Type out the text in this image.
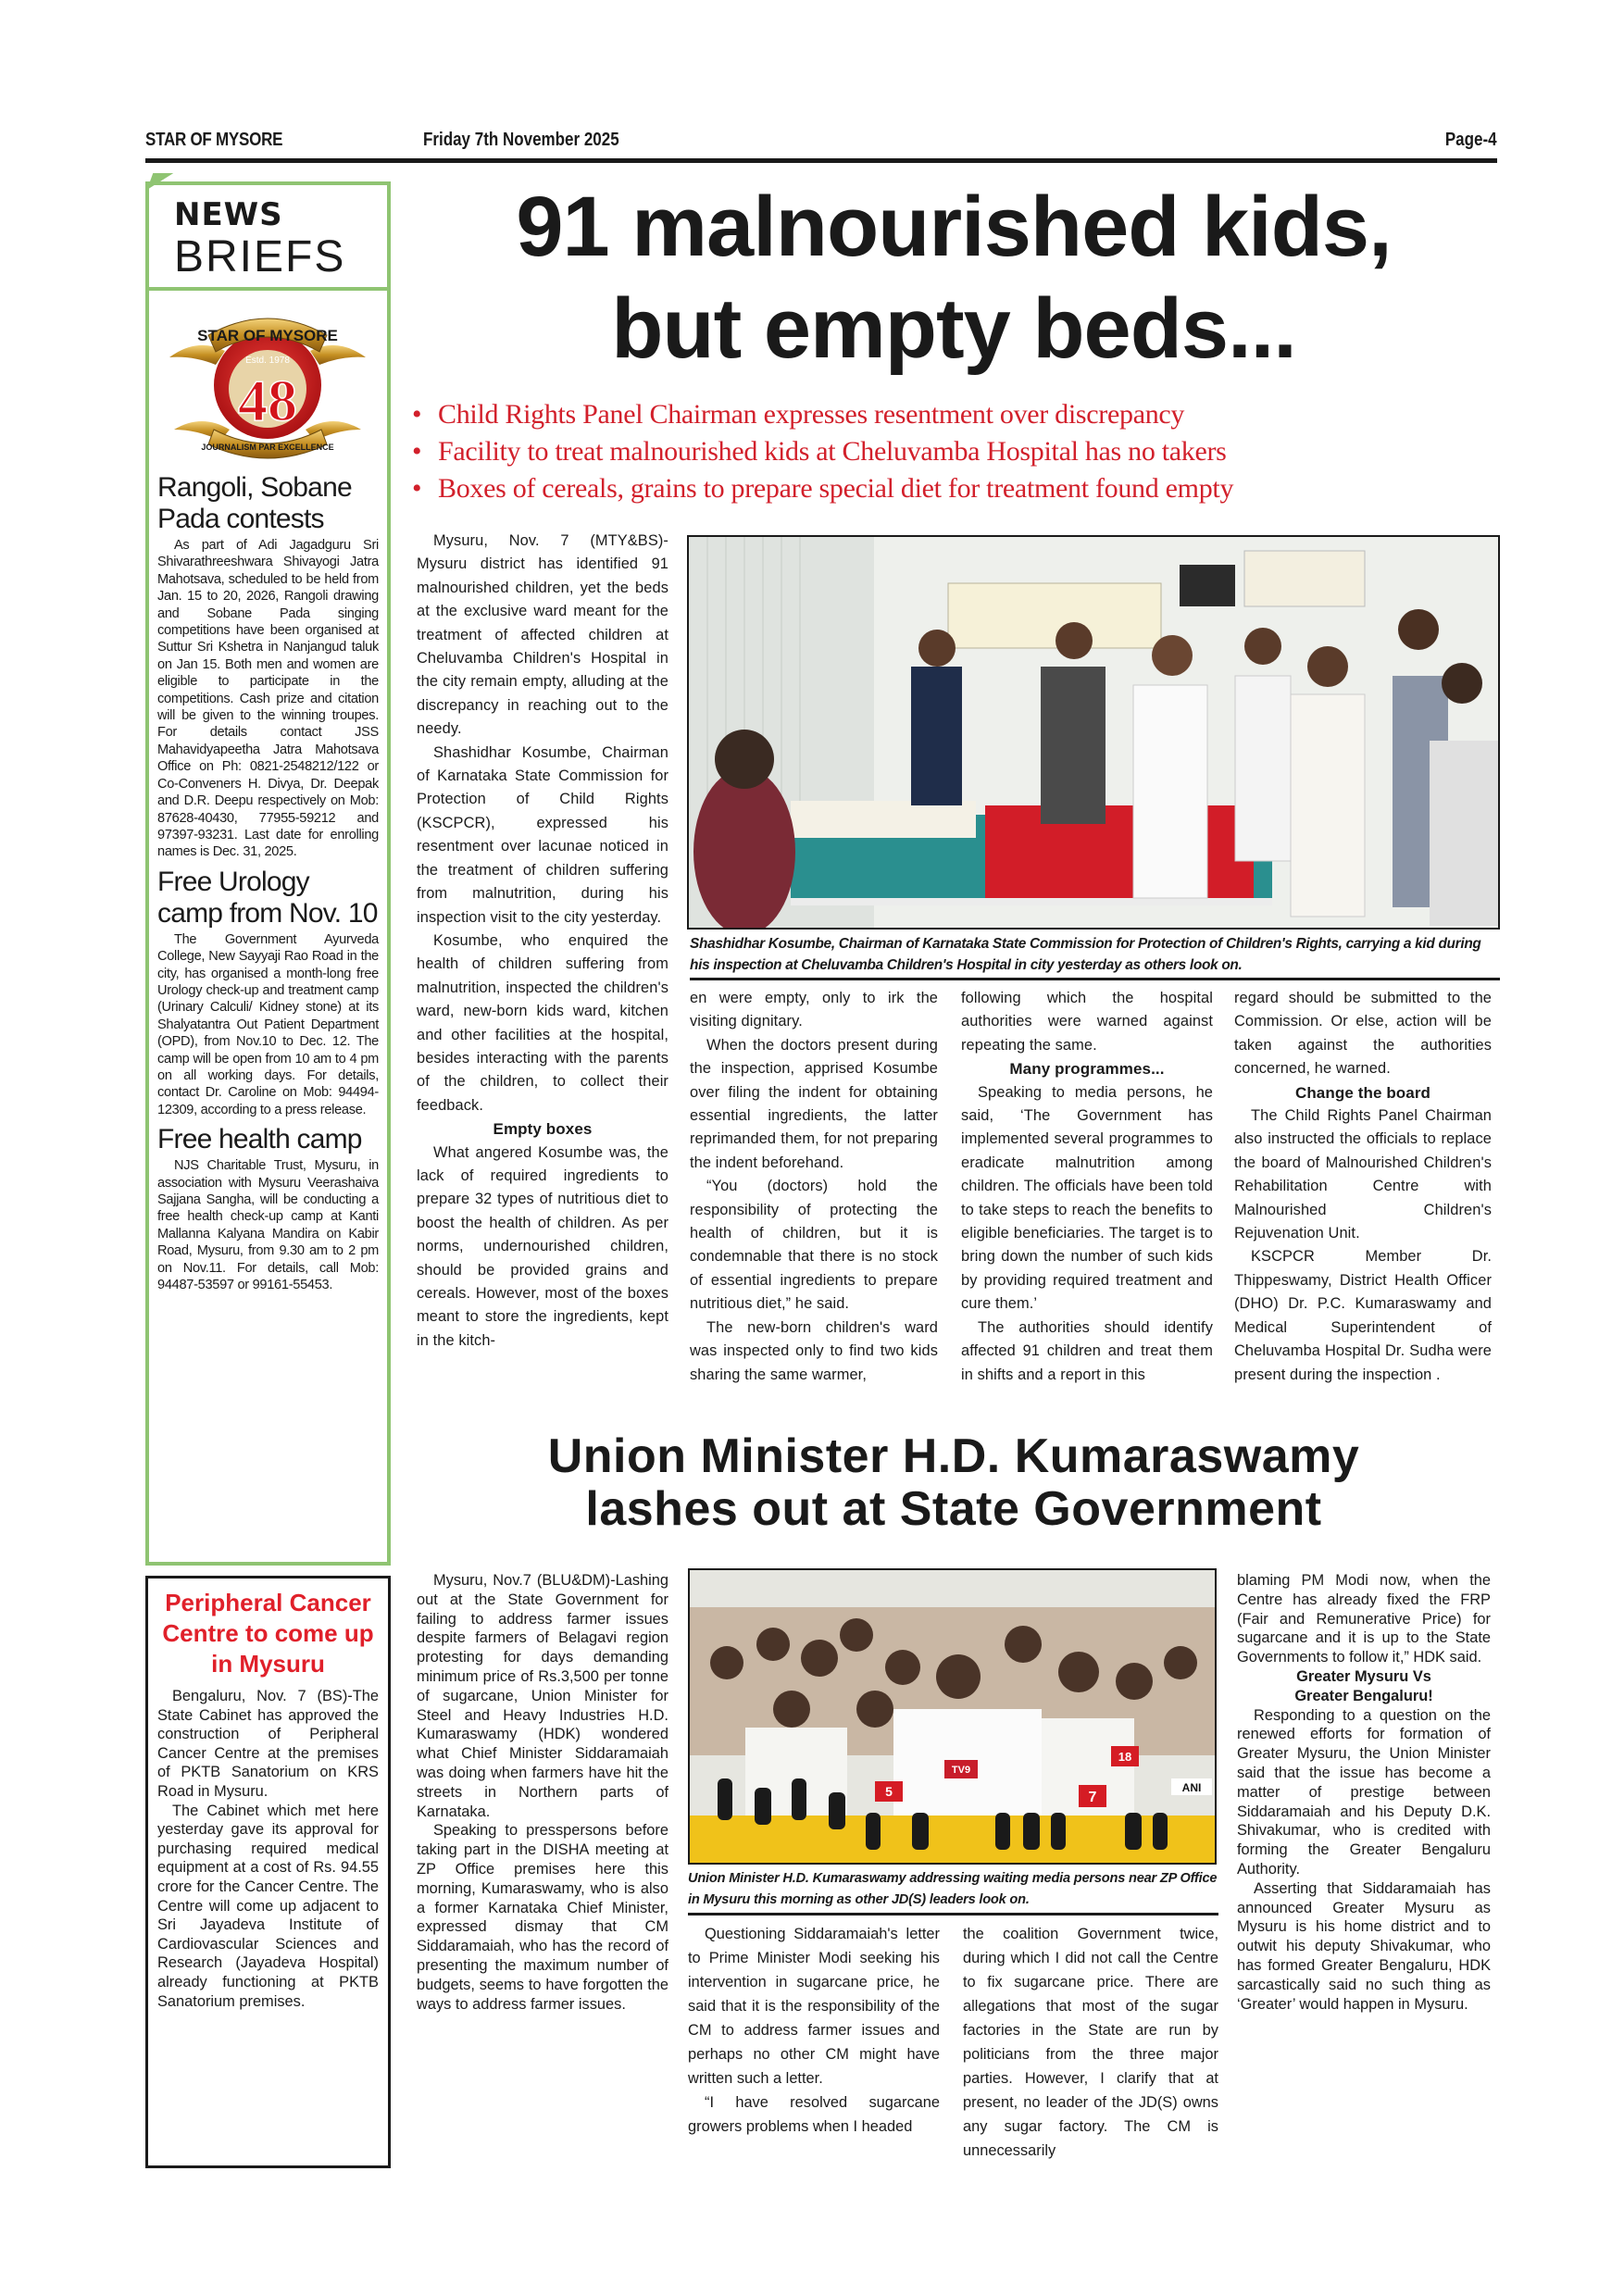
STAR OF MYSORE	Friday 7th November 2025	Page-4
NEWS
BRIEFS
STAR OF MYSORE
Estd. 1978
48
JOURNALISM PAR EXCELLENCE
Rangoli, Sobane Pada contests

As part of Adi Jagadguru Sri Shivarathreeshwara Shivayogi Jatra Mahotsava, scheduled to be held from Jan. 15 to 20, 2026, Rangoli drawing and Sobane Pada singing competitions have been organised at Suttur Sri Kshetra in Nanjangud taluk on Jan 15. Both men and women are eligible to participate in the competitions. Cash prize and citation will be given to the winning troupes. For details contact JSS Mahavidyapeetha Jatra Mahotsava Office on Ph: 0821-2548212/122 or Co-Conveners H. Divya, Dr. Deepak and D.R. Deepu respectively on Mob: 87628-40430, 77955-59212 and 97397-93231. Last date for enrolling names is Dec. 31, 2025.

Free Urology camp from Nov. 10

The Government Ayurveda College, New Sayyaji Rao Road in the city, has organised a month-long free Urology check-up and treatment camp (Urinary Calculi/ Kidney stone) at its Shalyatantra Out Patient Department (OPD), from Nov.10 to Dec. 12. The camp will be open from 10 am to 4 pm on all working days. For details, contact Dr. Caroline on Mob: 94494-12309, according to a press release.

Free health camp

NJS Charitable Trust, Mysuru, in association with Mysuru Veerashaiva Sajjana Sangha, will be conducting a free health check-up camp at Kanti Mallanna Kalyana Mandira on Kabir Road, Mysuru, from 9.30 am to 2 pm on Nov.11. For details, call Mob: 94487-53597 or 99161-55453.

Peripheral Cancer Centre to come up in Mysuru

Bengaluru, Nov. 7 (BS)-The State Cabinet has approved the construction of Peripheral Cancer Centre at the premises of PKTB Sanatorium on KRS Road in Mysuru.

The Cabinet which met here yesterday gave its approval for purchasing required medical equipment at a cost of Rs. 94.55 crore for the Cancer Centre. The Centre will come up adjacent to Sri Jayadeva Institute of Cardiovascular Sciences and Research (Jayadeva Hospital) already functioning at PKTB Sanatorium premises.

91 malnourished kids,
but empty beds...
• Child Rights Panel Chairman expresses resentment over discrepancy
• Facility to treat malnourished kids at Cheluvamba Hospital has no takers
• Boxes of cereals, grains to prepare special diet for treatment found empty

Mysuru, Nov. 7 (MTY&BS)-Mysuru district has identified 91 malnourished children, yet the beds at the exclusive ward meant for the treatment of affected children at Cheluvamba Children's Hospital in the city remain empty, alluding at the discrepancy in reaching out to the needy.

Shashidhar Kosumbe, Chairman of Karnataka State Commission for Protection of Child Rights (KSCPCR), expressed his resentment over lacunae noticed in the treatment of children suffering from malnutrition, during his inspection visit to the city yesterday.

Kosumbe, who enquired the health of children suffering from malnutrition, inspected the children's ward, new-born kids ward, kitchen and other facilities at the hospital, besides interacting with the parents of the children, to collect their feedback.

Empty boxes

What angered Kosumbe was, the lack of required ingredients to prepare 32 types of nutritious diet to boost the health of children. As per norms, undernourished children, should be provided grains and cereals. However, most of the boxes meant to store the ingredients, kept in the kitch-

Shashidhar Kosumbe, Chairman of Karnataka State Commission for Protection of Children's Rights, carrying a kid during his inspection at Cheluvamba Children's Hospital in city yesterday as others look on.

en were empty, only to irk the visiting dignitary.

When the doctors present during the inspection, apprised Kosumbe over filing the indent for obtaining essential ingredients, the latter reprimanded them, for not preparing the indent beforehand.

“You (doctors) hold the responsibility of protecting the health of children, but it is condemnable that there is no stock of essential ingredients to prepare nutritious diet,” he said.

The new-born children's ward was inspected only to find two kids sharing the same warmer,

following which the hospital authorities were warned against repeating the same.

Many programmes...

Speaking to media persons, he said, ‘The Government has implemented several programmes to eradicate malnutrition among children. The officials have been told to take steps to reach the benefits to eligible beneficiaries. The target is to bring down the number of such kids by providing required treatment and cure them.’

The authorities should identify affected 91 children and treat them in shifts and a report in this

regard should be submitted to the Commission. Or else, action will be taken against the authorities concerned, he warned.

Change the board

The Child Rights Panel Chairman also instructed the officials to replace the board of Malnourished Children's Rehabilitation Centre with Malnourished Children's Rejuvenation Unit.

KSCPCR Member Dr. Thippeswamy, District Health Officer (DHO) Dr. P.C. Kumaraswamy and Medical Superintendent of Cheluvamba Hospital Dr. Sudha were present during the inspection .

Union Minister H.D. Kumaraswamy
lashes out at State Government

Mysuru, Nov.7 (BLU&DM)-Lashing out at the State Government for failing to address farmer issues despite farmers of Belagavi region protesting for days demanding minimum price of Rs.3,500 per tonne of sugarcane, Union Minister for Steel and Heavy Industries H.D. Kumaraswamy (HDK) wondered what Chief Minister Siddaramaiah was doing when farmers have hit the streets in Northern parts of Karnataka.

Speaking to presspersons before taking part in the DISHA meeting at ZP Office premises here this morning, Kumaraswamy, who is also a former Karnataka Chief Minister, expressed dismay that CM Siddaramaiah, who has the record of presenting the maximum number of budgets, seems to have forgotten the ways to address farmer issues.

18
TV9
5	7
ANI
Union Minister H.D. Kumaraswamy addressing waiting media persons near ZP Office in Mysuru this morning as other JD(S) leaders look on.

Questioning Siddaramaiah's letter to Prime Minister Modi seeking his intervention in sugarcane price, he said that it is the responsibility of the CM to address farmer issues and perhaps no other CM might have written such a letter.

“I have resolved sugarcane growers problems when I headed

the coalition Government twice, during which I did not call the Centre to fix sugarcane price. There are allegations that most of the sugar factories in the State are run by politicians from the three major parties. However, I clarify that at present, no leader of the JD(S) owns any sugar factory. The CM is unnecessarily

blaming PM Modi now, when the Centre has already fixed the FRP (Fair and Remunerative Price) for sugarcane and it is up to the State Governments to follow it,” HDK said.

Greater Mysuru Vs
Greater Bengaluru!

Responding to a question on the renewed efforts for formation of Greater Mysuru, the Union Minister said that the issue has become a matter of prestige between Siddaramaiah and his Deputy D.K. Shivakumar, who is credited with forming the Greater Bengaluru Authority.

Asserting that Siddaramaiah has announced Greater Mysuru as Mysuru is his home district and to outwit his deputy Shivakumar, who has formed Greater Bengaluru, HDK sarcastically said no such thing as ‘Greater’ would happen in Mysuru.
